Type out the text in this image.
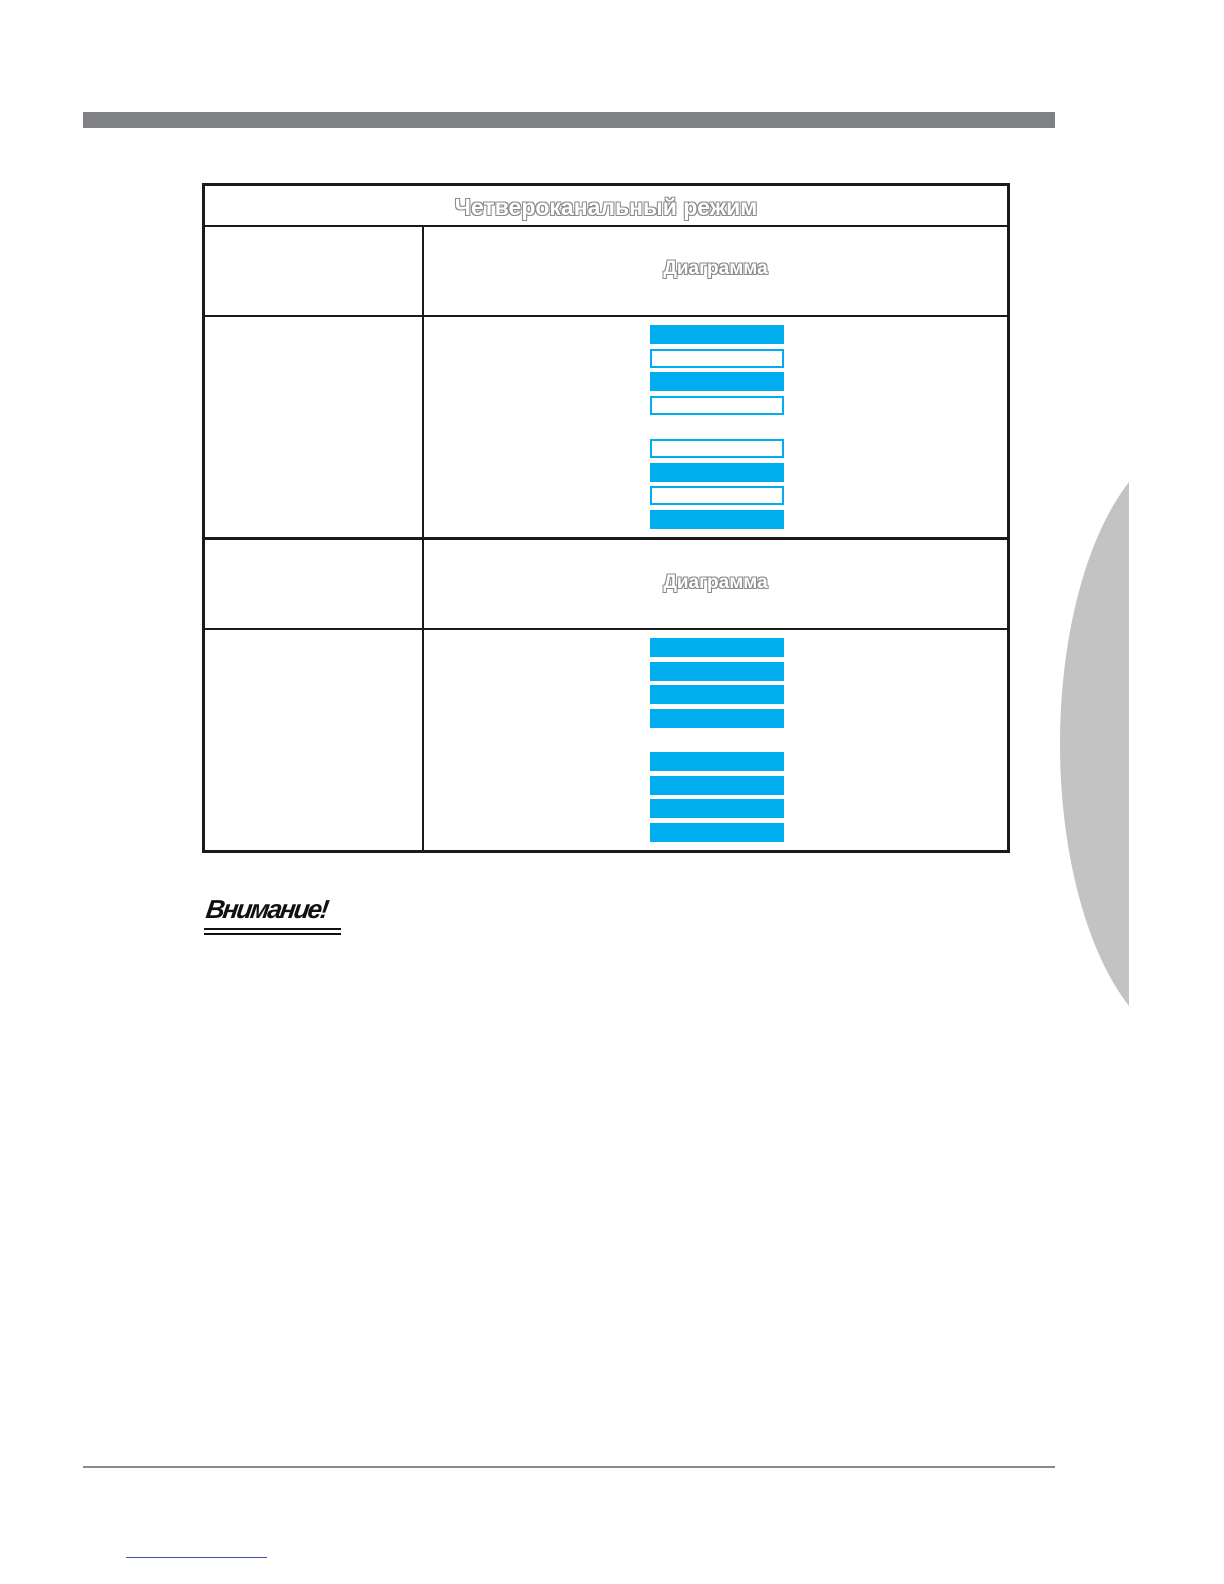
Четвероканальный режим
Диаграмма
Диаграмма
Внимание!
